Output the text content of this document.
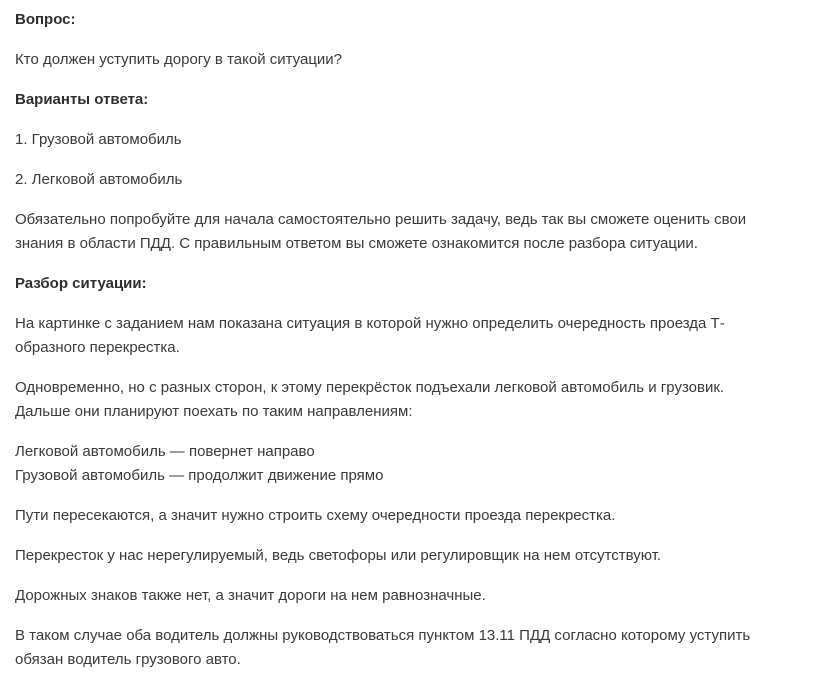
Вопрос:

Кто должен уступить дорогу в такой ситуации?

Варианты ответа:

1. Грузовой автомобиль

2. Легковой автомобиль

Обязательно попробуйте для начала самостоятельно решить задачу, ведь так вы сможете оценить свои
знания в области ПДД. С правильным ответом вы сможете ознакомится после разбора ситуации.

Разбор ситуации:

На картинке с заданием нам показана ситуация в которой нужно определить очередность проезда Т-
образного перекрестка.

Одновременно, но с разных сторон, к этому перекрёсток подъехали легковой автомобиль и грузовик.
Дальше они планируют поехать по таким направлениям:

Легковой автомобиль — повернет направо
Грузовой автомобиль — продолжит движение прямо

Пути пересекаются, а значит нужно строить схему очередности проезда перекрестка.

Перекресток у нас нерегулируемый, ведь светофоры или регулировщик на нем отсутствуют.

Дорожных знаков также нет, а значит дороги на нем равнозначные.

В таком случае оба водитель должны руководствоваться пунктом 13.11 ПДД согласно которому уступить
обязан водитель грузового авто.
